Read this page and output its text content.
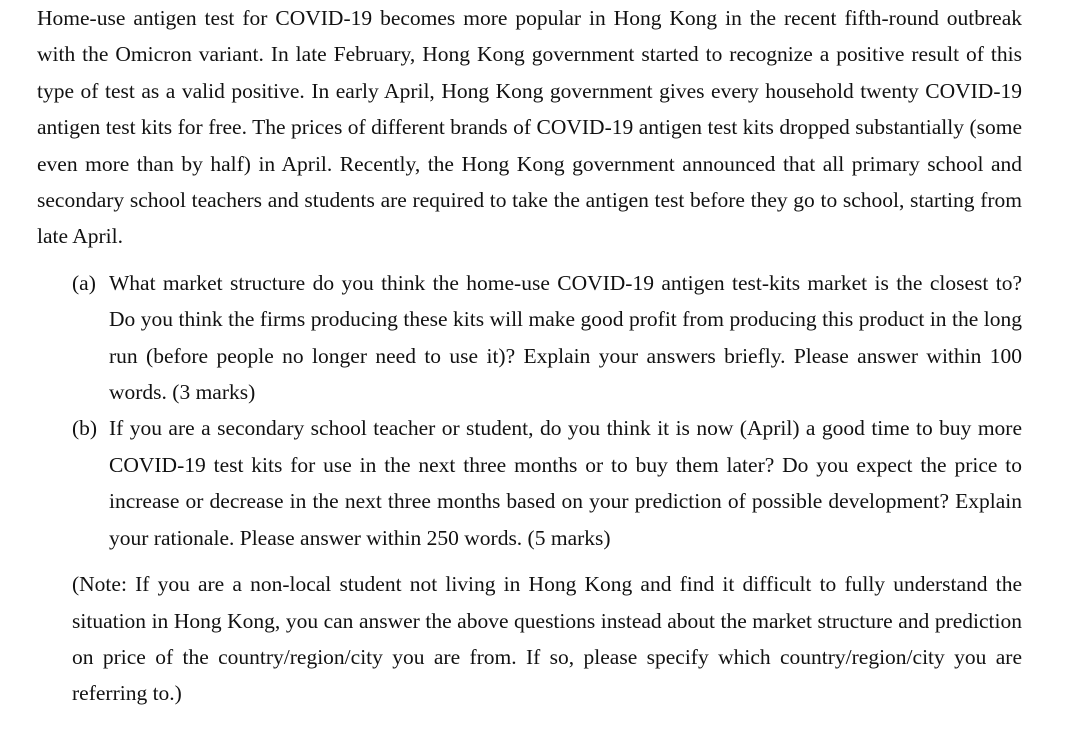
Home-use antigen test for COVID-19 becomes more popular in Hong Kong in the recent fifth-round outbreak with the Omicron variant. In late February, Hong Kong government started to recognize a positive result of this type of test as a valid positive. In early April, Hong Kong government gives every household twenty COVID-19 antigen test kits for free. The prices of different brands of COVID-19 antigen test kits dropped substantially (some even more than by half) in April. Recently, the Hong Kong government announced that all primary school and secondary school teachers and students are required to take the antigen test before they go to school, starting from late April.

(a) What market structure do you think the home-use COVID-19 antigen test-kits market is the closest to? Do you think the firms producing these kits will make good profit from producing this product in the long run (before people no longer need to use it)? Explain your answers briefly. Please answer within 100 words. (3 marks)
(b) If you are a secondary school teacher or student, do you think it is now (April) a good time to buy more COVID-19 test kits for use in the next three months or to buy them later? Do you expect the price to increase or decrease in the next three months based on your prediction of possible development? Explain your rationale. Please answer within 250 words. (5 marks)

(Note: If you are a non-local student not living in Hong Kong and find it difficult to fully understand the situation in Hong Kong, you can answer the above questions instead about the market structure and prediction on price of the country/region/city you are from. If so, please specify which country/region/city you are referring to.)
